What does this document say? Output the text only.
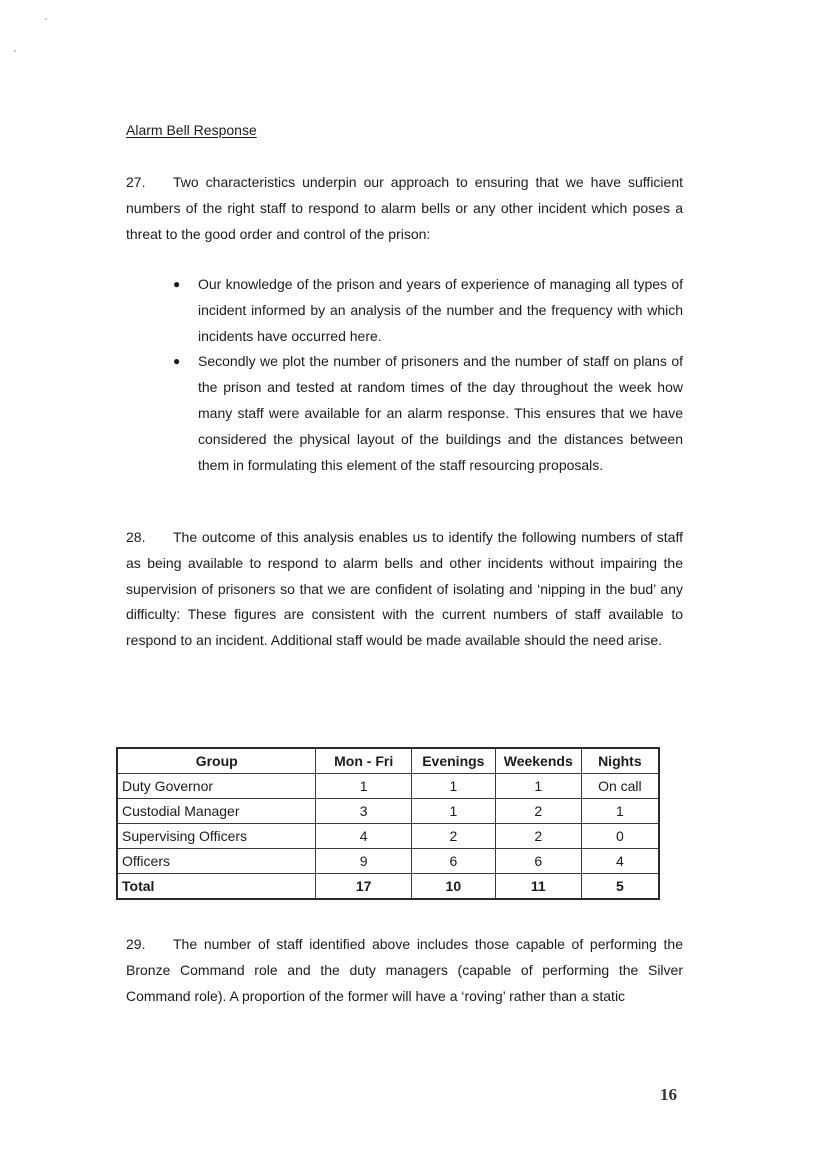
Alarm Bell Response

27. Two characteristics underpin our approach to ensuring that we have sufficient numbers of the right staff to respond to alarm bells or any other incident which poses a threat to the good order and control of the prison:

● Our knowledge of the prison and years of experience of managing all types of incident informed by an analysis of the number and the frequency with which incidents have occurred here.
● Secondly we plot the number of prisoners and the number of staff on plans of the prison and tested at random times of the day throughout the week how many staff were available for an alarm response. This ensures that we have considered the physical layout of the buildings and the distances between them in formulating this element of the staff resourcing proposals.

28. The outcome of this analysis enables us to identify the following numbers of staff as being available to respond to alarm bells and other incidents without impairing the supervision of prisoners so that we are confident of isolating and ‘nipping in the bud’ any difficulty: These figures are consistent with the current numbers of staff available to respond to an incident. Additional staff would be made available should the need arise.

Group	Mon - Fri	Evenings	Weekends	Nights
Duty Governor	1	1	1	On call
Custodial Manager	3	1	2	1
Supervising Officers	4	2	2	0
Officers	9	6	6	4
Total	17	10	11	5

29. The number of staff identified above includes those capable of performing the Bronze Command role and the duty managers (capable of performing the Silver Command role). A proportion of the former will have a ‘roving’ rather than a static

16
